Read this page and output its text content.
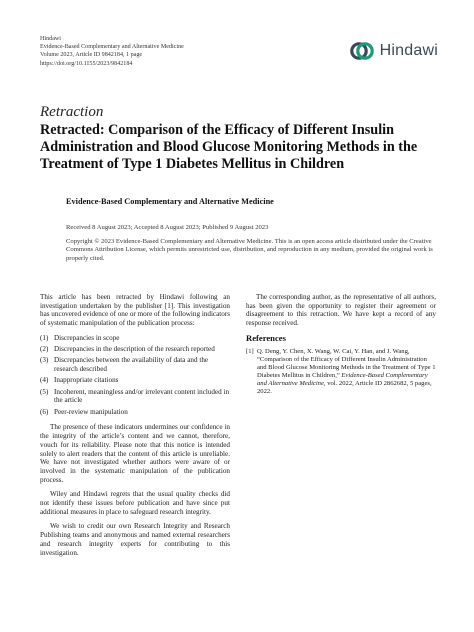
Hindawi
Evidence-Based Complementary and Alternative Medicine
Volume 2023, Article ID 9842184, 1 page
https://doi.org/10.1155/2023/9842184
Hindawi
Retraction
Retracted: Comparison of the Efficacy of Different Insulin Administration and Blood Glucose Monitoring Methods in the Treatment of Type 1 Diabetes Mellitus in Children
Evidence-Based Complementary and Alternative Medicine
Received 8 August 2023; Accepted 8 August 2023; Published 9 August 2023

Copyright © 2023 Evidence-Based Complementary and Alternative Medicine. This is an open access article distributed under the Creative Commons Attribution License, which permits unrestricted use, distribution, and reproduction in any medium, provided the original work is properly cited.

This article has been retracted by Hindawi following an investigation undertaken by the publisher [1]. This investigation has uncovered evidence of one or more of the following indicators of systematic manipulation of the publication process:

(1) Discrepancies in scope
(2) Discrepancies in the description of the research reported
(3) Discrepancies between the availability of data and the research described
(4) Inappropriate citations
(5) Incoherent, meaningless and/or irrelevant content included in the article
(6) Peer-review manipulation

The presence of these indicators undermines our confidence in the integrity of the article’s content and we cannot, therefore, vouch for its reliability. Please note that this notice is intended solely to alert readers that the content of this article is unreliable. We have not investigated whether authors were aware of or involved in the systematic manipulation of the publication process.

Wiley and Hindawi regrets that the usual quality checks did not identify these issues before publication and have since put additional measures in place to safeguard research integrity.

We wish to credit our own Research Integrity and Research Publishing teams and anonymous and named external researchers and research integrity experts for contributing to this investigation.

The corresponding author, as the representative of all authors, has been given the opportunity to register their agreement or disagreement to this retraction. We have kept a record of any response received.

References
[1] Q. Deng, Y. Chen, X. Wang, W. Cai, Y. Han, and J. Wang, “Comparison of the Efficacy of Different Insulin Administration and Blood Glucose Monitoring Methods in the Treatment of Type 1 Diabetes Mellitus in Children,” Evidence-Based Complementary and Alternative Medicine, vol. 2022, Article ID 2862682, 5 pages, 2022.
